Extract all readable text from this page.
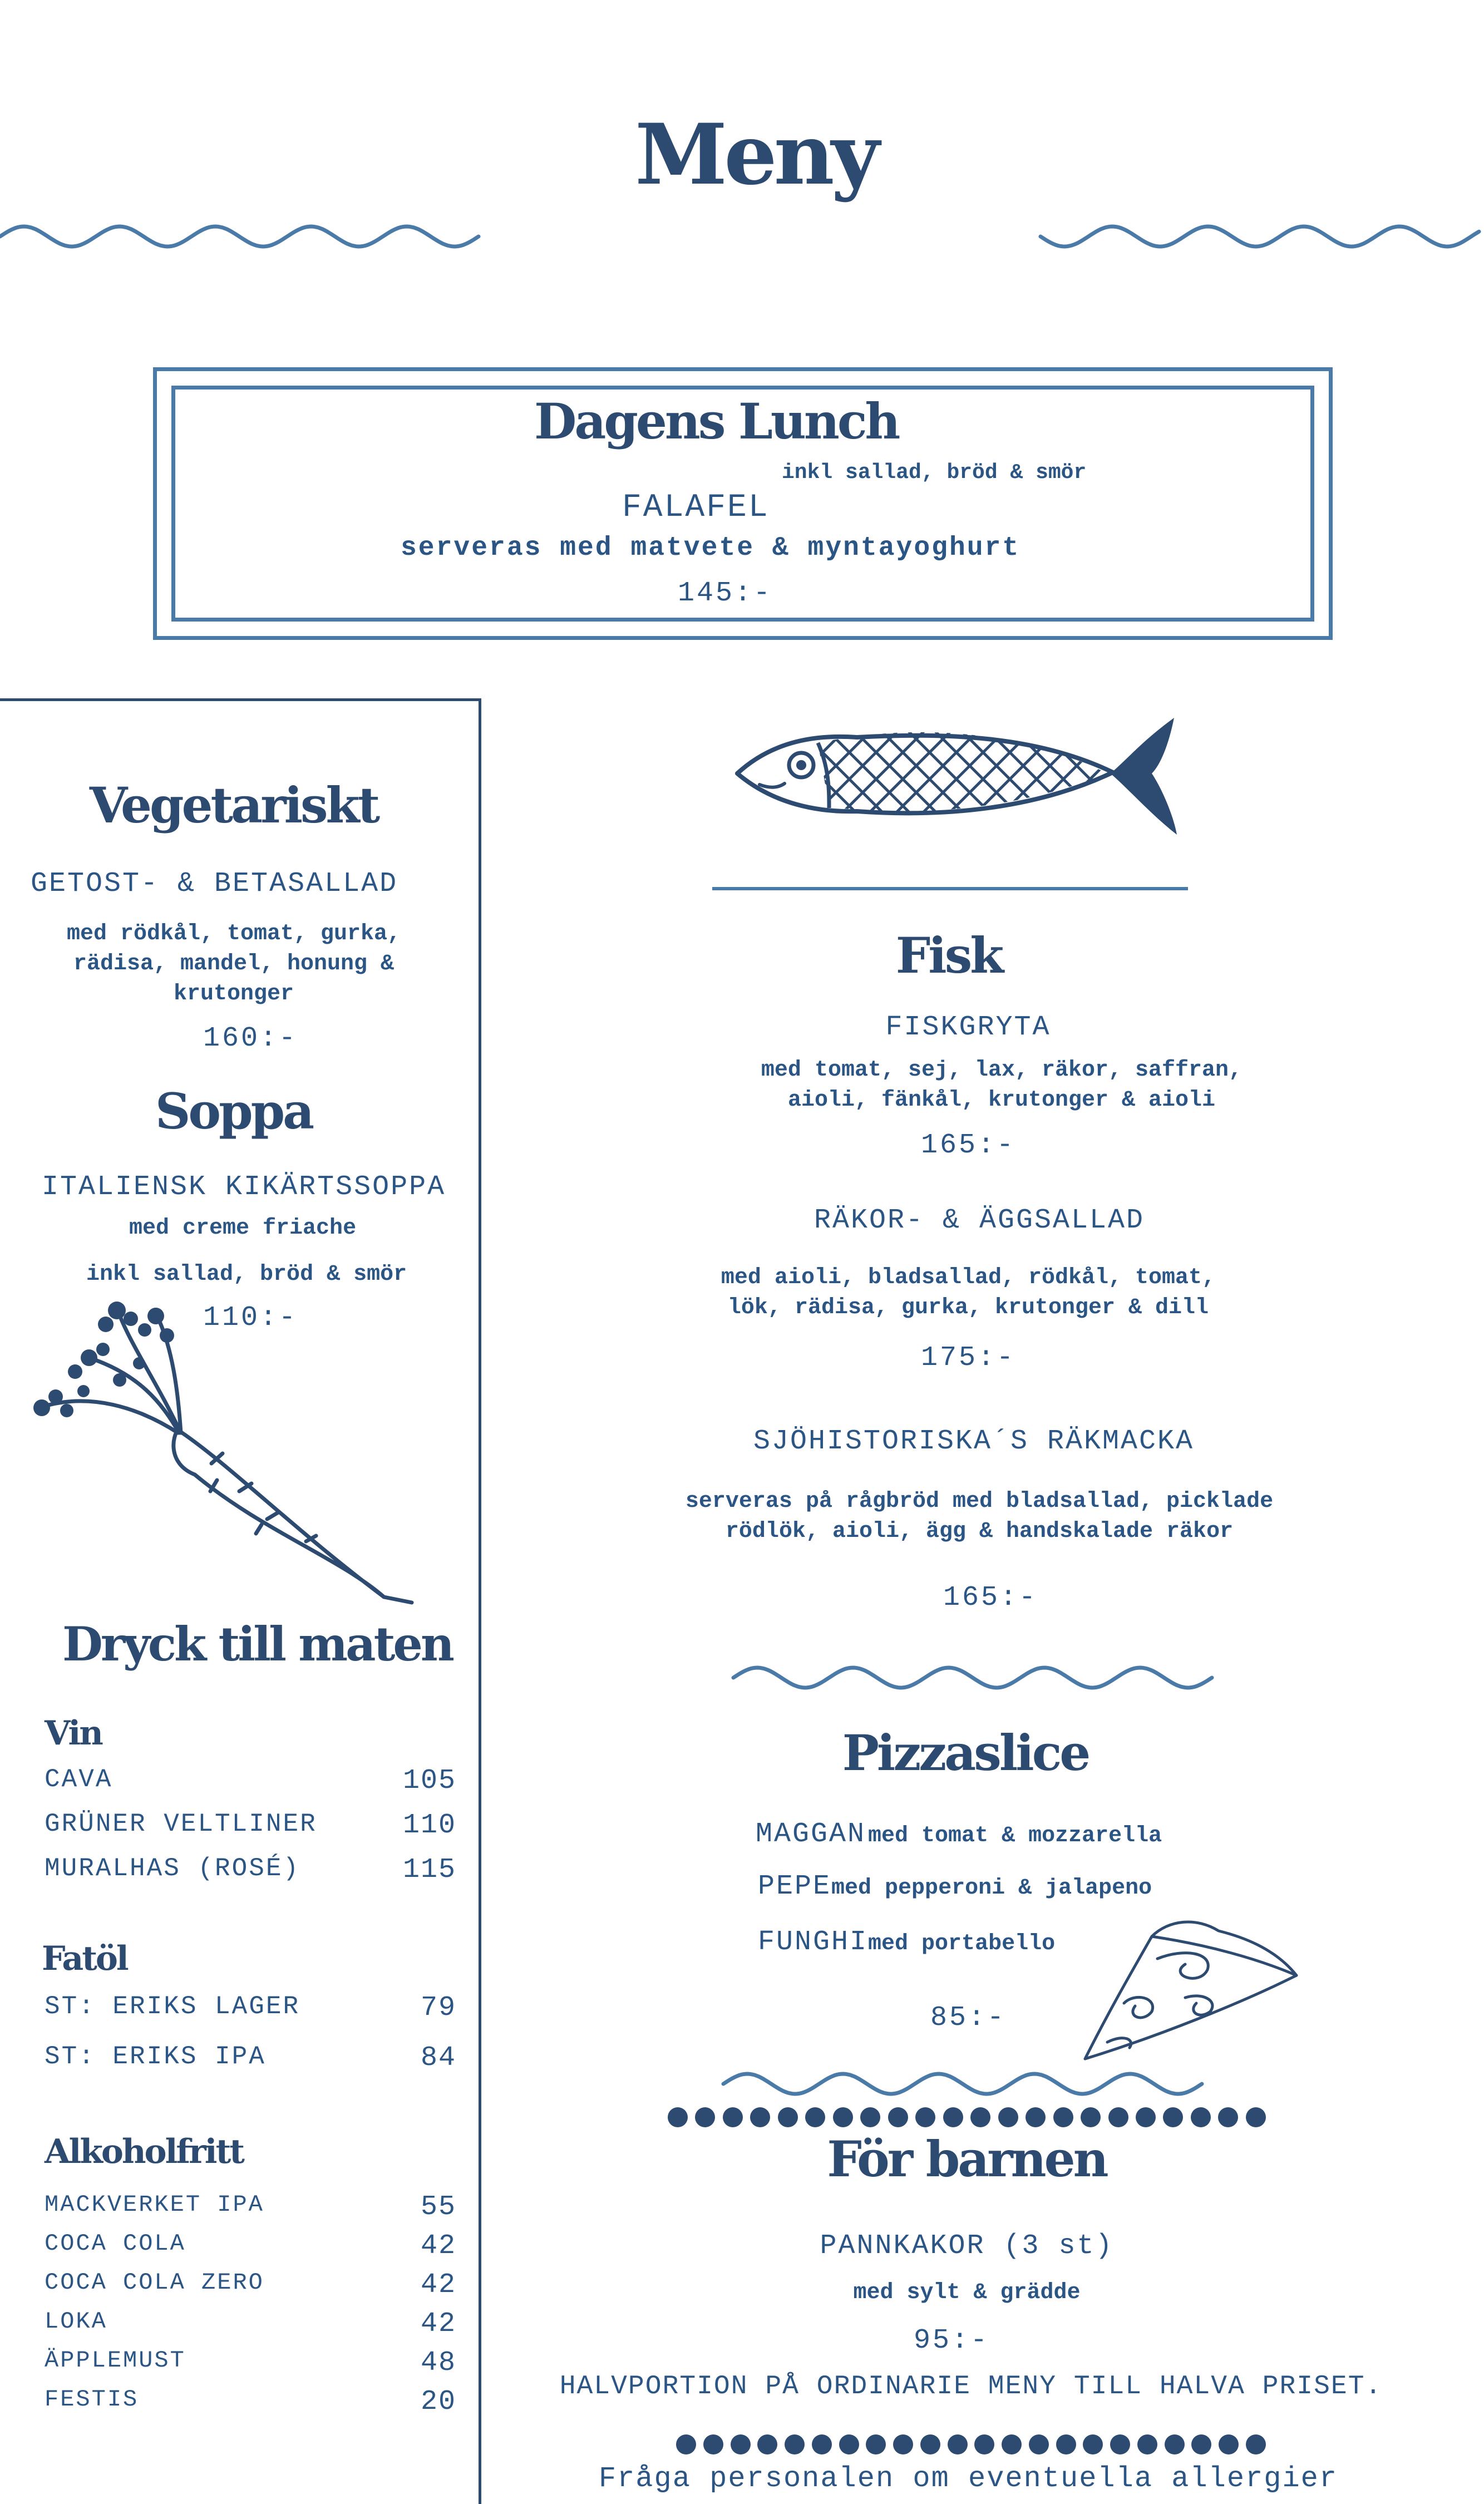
Meny
Dagens Lunch
inkl sallad, bröd & smör
FALAFEL
serveras med matvete & myntayoghurt
145:-
Vegetariskt
GETOST- & BETASALLAD
med rödkål, tomat, gurka, rädisa, mandel, honung & krutonger
160:-
Soppa
ITALIENSK KIKÄRTSSOPPA
med creme friache
inkl sallad, bröd & smör
110:-
Dryck till maten
Vin
CAVA	105
GRÜNER VELTLINER	110
MURALHAS (ROSÉ)	115
Fatöl
ST: ERIKS LAGER	79
ST: ERIKS IPA	84
Alkoholfritt
MACKVERKET IPA	55
COCA COLA	42
COCA COLA ZERO	42
LOKA	42
ÄPPLEMUST	48
FESTIS	20
Fisk
FISKGRYTA
med tomat, sej, lax, räkor, saffran, aioli, fänkål, krutonger & aioli
165:-
RÄKOR- & ÄGGSALLAD
med aioli, bladsallad, rödkål, tomat, lök, rädisa, gurka, krutonger & dill
175:-
SJÖHISTORISKA´S RÄKMACKA
serveras på rågbröd med bladsallad, picklade rödlök, aioli, ägg & handskalade räkor
165:-
Pizzaslice
MAGGAN med tomat & mozzarella
PEPEmed pepperoni & jalapeno
FUNGHImed portabello
85:-
För barnen
PANNKAKOR (3 st)
med sylt & grädde
95:-
HALVPORTION PÅ ORDINARIE MENY TILL HALVA PRISET.
Fråga personalen om eventuella allergier
